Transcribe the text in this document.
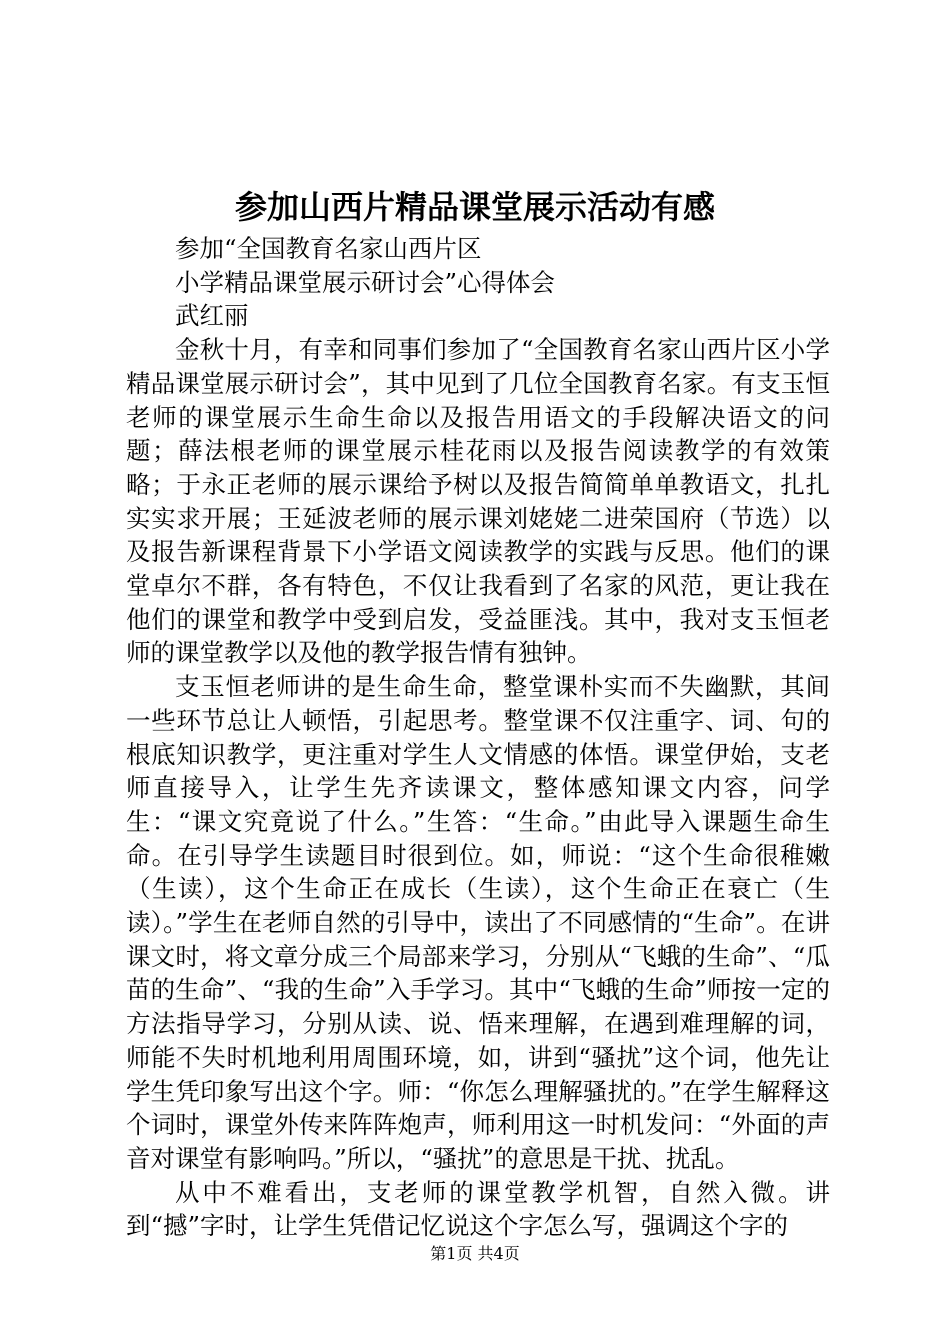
参加山西片精品课堂展示活动有感

参加“全国教育名家山西片区

小学精品课堂展示研讨会”心得体会

武红丽

金秋十月，有幸和同事们参加了“全国教育名家山西片区小学精品课堂展示研讨会”，其中见到了几位全国教育名家。有支玉恒老师的课堂展示生命生命以及报告用语文的手段解决语文的问题；薛法根老师的课堂展示桂花雨以及报告阅读教学的有效策略；于永正老师的展示课给予树以及报告简简单单教语文，扎扎实实求开展；王延波老师的展示课刘姥姥二进荣国府（节选）以及报告新课程背景下小学语文阅读教学的实践与反思。他们的课堂卓尔不群，各有特色，不仅让我看到了名家的风范，更让我在他们的课堂和教学中受到启发，受益匪浅。其中，我对支玉恒老师的课堂教学以及他的教学报告情有独钟。

支玉恒老师讲的是生命生命，整堂课朴实而不失幽默，其间一些环节总让人顿悟，引起思考。整堂课不仅注重字、词、句的根底知识教学，更注重对学生人文情感的体悟。课堂伊始，支老师直接导入，让学生先齐读课文，整体感知课文内容，问学生：“课文究竟说了什么。”生答：“生命。”由此导入课题生命生命。在引导学生读题目时很到位。如，师说：“这个生命很稚嫩（生读），这个生命正在成长（生读），这个生命正在衰亡（生读）。”学生在老师自然的引导中，读出了不同感情的“生命”。在讲课文时，将文章分成三个局部来学习，分别从“飞蛾的生命”、“瓜苗的生命”、“我的生命”入手学习。其中“飞蛾的生命”师按一定的方法指导学习，分别从读、说、悟来理解，在遇到难理解的词，师能不失时机地利用周围环境，如，讲到“骚扰”这个词，他先让学生凭印象写出这个字。师：“你怎么理解骚扰的。”在学生解释这个词时，课堂外传来阵阵炮声，师利用这一时机发问：“外面的声音对课堂有影响吗。”所以，“骚扰”的意思是干扰、扰乱。

从中不难看出，支老师的课堂教学机智，自然入微。讲到“撼”字时，让学生凭借记忆说这个字怎么写，强调这个字的

第1页 共4页
